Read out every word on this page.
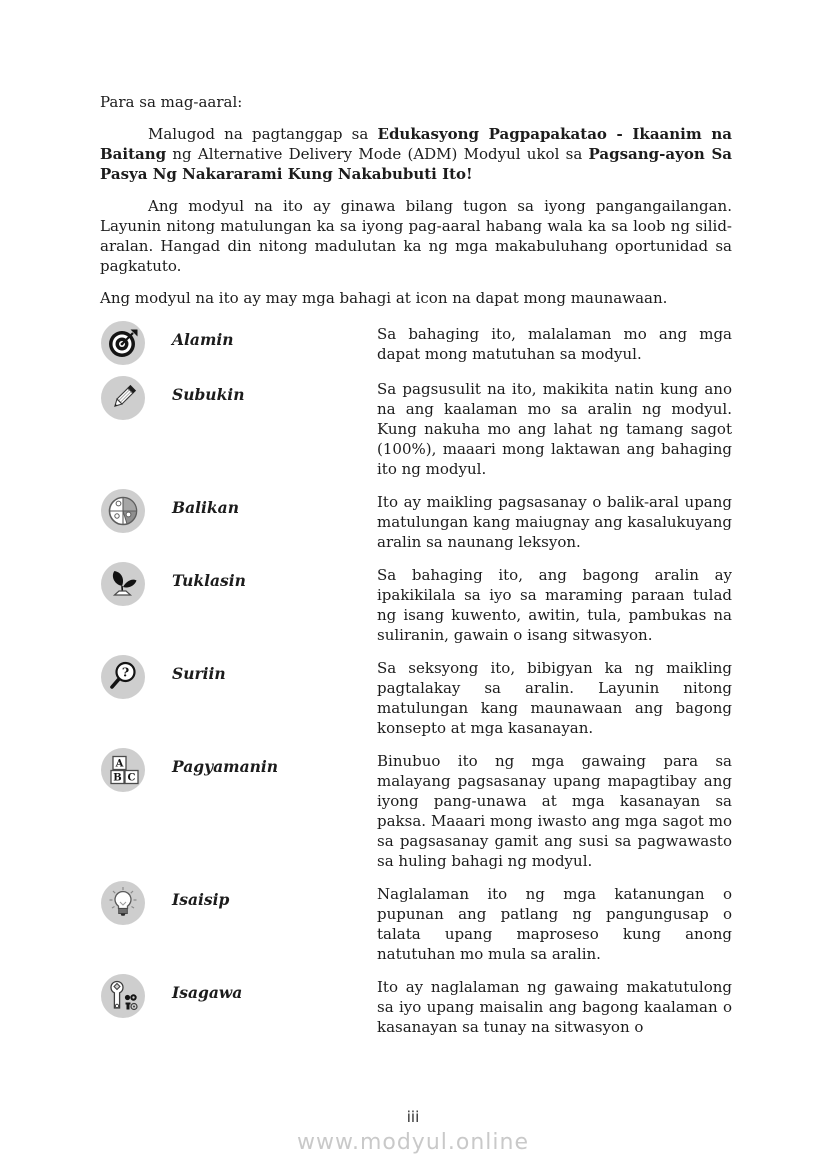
Para sa mag-aaral:

Malugod na pagtanggap sa Edukasyong Pagpapakatao - Ikaanim na Baitang ng Alternative Delivery Mode (ADM) Modyul ukol sa Pagsang-ayon Sa Pasya Ng Nakararami Kung Nakabubuti Ito!

Ang modyul na ito ay ginawa bilang tugon sa iyong pangangailangan. Layunin nitong matulungan ka sa iyong pag-aaral habang wala ka sa loob ng silid-aralan. Hangad din nitong madulutan ka ng mga makabuluhang oportunidad sa pagkatuto.

Ang modyul na ito ay may mga bahagi at icon na dapat mong maunawaan.

Alamin	Sa bahaging ito, malalaman mo ang mga dapat mong matutuhan sa modyul.
Subukin	Sa pagsusulit na ito, makikita natin kung ano na ang kaalaman mo sa aralin ng modyul. Kung nakuha mo ang lahat ng tamang sagot (100%), maaari mong laktawan ang bahaging ito ng modyul.
Balikan	Ito ay maikling pagsasanay o balik-aral upang matulungan kang maiugnay ang kasalukuyang aralin sa naunang leksyon.
Tuklasin	Sa bahaging ito, ang bagong aralin ay ipakikilala sa iyo sa maraming paraan tulad ng isang kuwento, awitin, tula, pambukas na suliranin, gawain o isang sitwasyon.
?	Suriin	Sa seksyong ito, bibigyan ka ng maikling pagtalakay sa aralin. Layunin nitong matulungan kang maunawaan ang bagong konsepto at mga kasanayan.
A
B C
Pagyamanin	Binubuo ito ng mga gawaing para sa malayang pagsasanay upang mapagtibay ang iyong pang-unawa at mga kasanayan sa paksa. Maaari mong iwasto ang mga sagot mo sa pagsasanay gamit ang susi sa pagwawasto sa huling bahagi ng modyul.
Isaisip	Naglalaman ito ng mga katanungan o pupunan ang patlang ng pangungusap o talata upang maproseso kung anong natutuhan mo mula sa aralin.
Isagawa	Ito ay naglalaman ng gawaing makatutulong sa iyo upang maisalin ang bagong kaalaman o kasanayan sa tunay na sitwasyon o
iii
www.modyul.online
